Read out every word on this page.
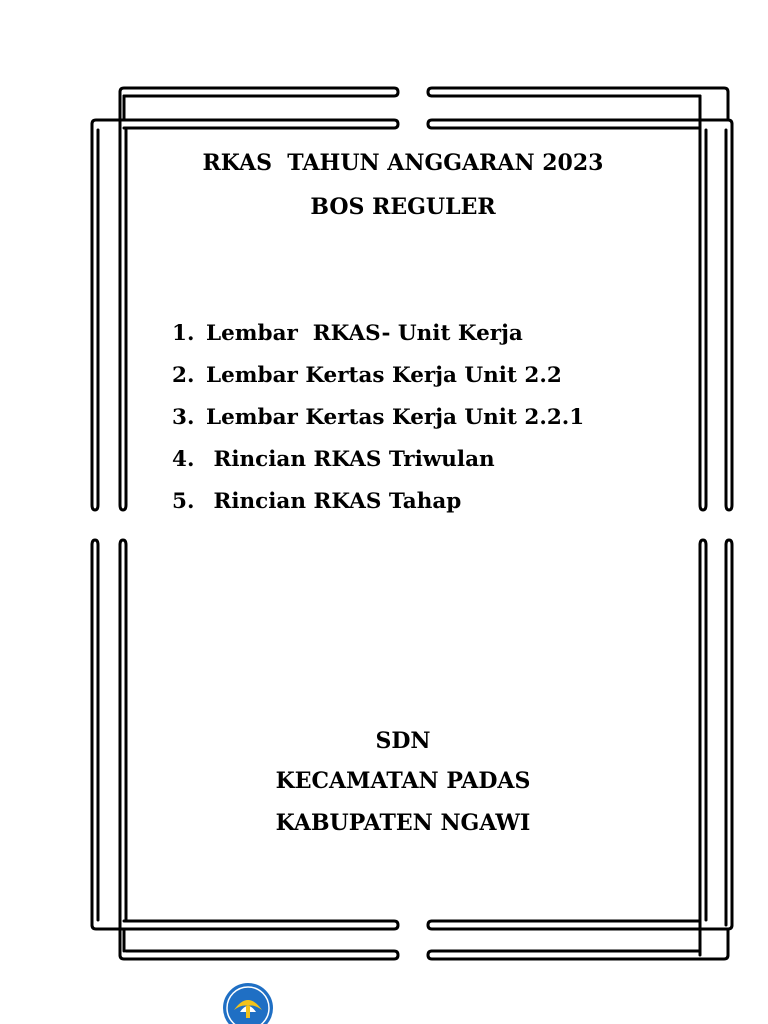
RKAS  TAHUN ANGGARAN 2023
BOS REGULER
1. Lembar  RKAS- Unit Kerja
2. Lembar Kertas Kerja Unit 2.2
3. Lembar Kertas Kerja Unit 2.2.1
4. Rincian RKAS Triwulan
5. Rincian RKAS Tahap
SDN
KECAMATAN PADAS
KABUPATEN NGAWI
